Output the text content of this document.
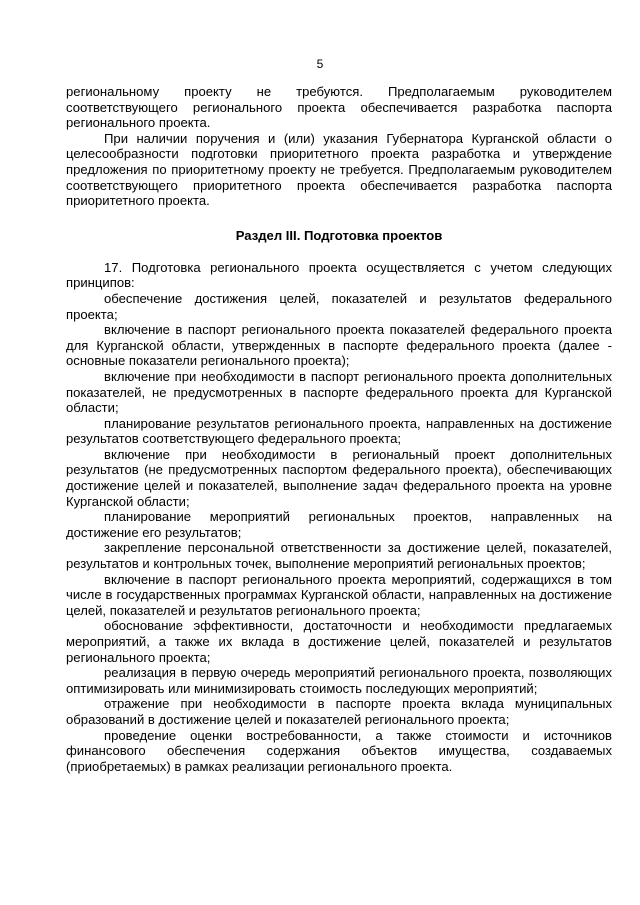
5

региональному проекту не требуются. Предполагаемым руководителем соответствующего регионального проекта обеспечивается разработка паспорта регионального проекта.

При наличии поручения и (или) указания Губернатора Курганской области о целесообразности подготовки приоритетного проекта разработка и утверждение предложения по приоритетному проекту не требуется. Предполагаемым руководителем соответствующего приоритетного проекта обеспечивается разработка паспорта приоритетного проекта.

Раздел III. Подготовка проектов

17. Подготовка регионального проекта осуществляется с учетом следующих принципов:

обеспечение достижения целей, показателей и результатов федерального проекта;

включение в паспорт регионального проекта показателей федерального проекта для Курганской области, утвержденных в паспорте федерального проекта (далее - основные показатели регионального проекта);

включение при необходимости в паспорт регионального проекта дополнительных показателей, не предусмотренных в паспорте федерального проекта для Курганской области;

планирование результатов регионального проекта, направленных на достижение результатов соответствующего федерального проекта;

включение при необходимости в региональный проект дополнительных результатов (не предусмотренных паспортом федерального проекта), обеспечивающих достижение целей и показателей, выполнение задач федерального проекта на уровне Курганской области;

планирование мероприятий региональных проектов, направленных на достижение его результатов;

закрепление персональной ответственности за достижение целей, показателей, результатов и контрольных точек, выполнение мероприятий региональных проектов;

включение в паспорт регионального проекта мероприятий, содержащихся в том числе в государственных программах Курганской области, направленных на достижение целей, показателей и результатов регионального проекта;

обоснование эффективности, достаточности и необходимости предлагаемых мероприятий, а также их вклада в достижение целей, показателей и результатов регионального проекта;

реализация в первую очередь мероприятий регионального проекта, позволяющих оптимизировать или минимизировать стоимость последующих мероприятий;

отражение при необходимости в паспорте проекта вклада муниципальных образований в достижение целей и показателей регионального проекта;

проведение оценки востребованности, а также стоимости и источников финансового обеспечения содержания объектов имущества, создаваемых (приобретаемых) в рамках реализации регионального проекта.
